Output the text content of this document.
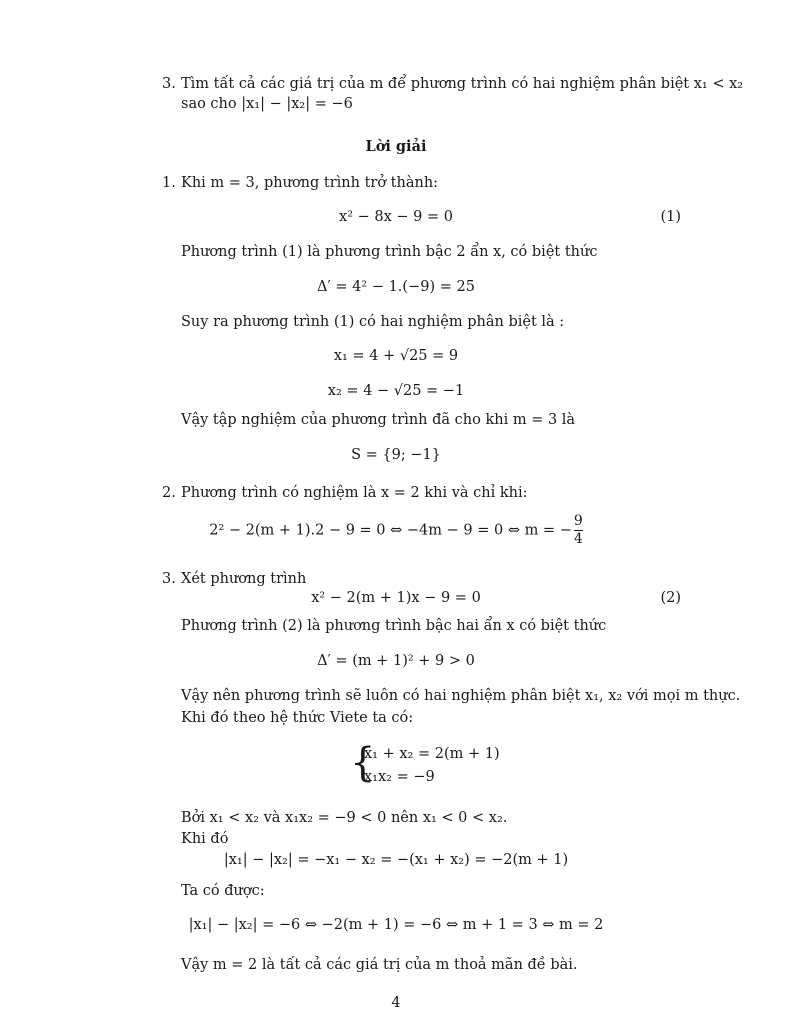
3. Tìm tất cả các giá trị của m để phương trình có hai nghiệm phân biệt x₁ < x₂
sao cho |x₁| − |x₂| = −6
Lời giải
1. Khi m = 3, phương trình trở thành:
x² − 8x − 9 = 0	(1)
Phương trình (1) là phương trình bậc 2 ẩn x, có biệt thức
Δ′ = 4² − 1.(−9) = 25
Suy ra phương trình (1) có hai nghiệm phân biệt là :
x₁ = 4 + √25 = 9
x₂ = 4 − √25 = −1
Vậy tập nghiệm của phương trình đã cho khi m = 3 là
S = {9; −1}
2. Phương trình có nghiệm là x = 2 khi và chỉ khi:
2² − 2(m + 1).2 − 9 = 0 ⇔ −4m − 9 = 0 ⇔ m = − $\frac{9}{4}$
3. Xét phương trình
x² − 2(m + 1)x − 9 = 0	(2)
Phương trình (2) là phương trình bậc hai ẩn x có biệt thức
Δ′ = (m + 1)² + 9 > 0
Vậy nên phương trình sẽ luôn có hai nghiệm phân biệt x₁, x₂ với mọi m thực.
Khi đó theo hệ thức Viete ta có:
{
x₁ + x₂ = 2(m + 1)
x₁x₂ = −9
Bởi x₁ < x₂ và x₁x₂ = −9 < 0 nên x₁ < 0 < x₂.
Khi đó
|x₁| − |x₂| = −x₁ − x₂ = −(x₁ + x₂) = −2(m + 1)
Ta có được:
|x₁| − |x₂| = −6 ⇔ −2(m + 1) = −6 ⇔ m + 1 = 3 ⇔ m = 2
Vậy m = 2 là tất cả các giá trị của m thoả mãn đề bài.
4
